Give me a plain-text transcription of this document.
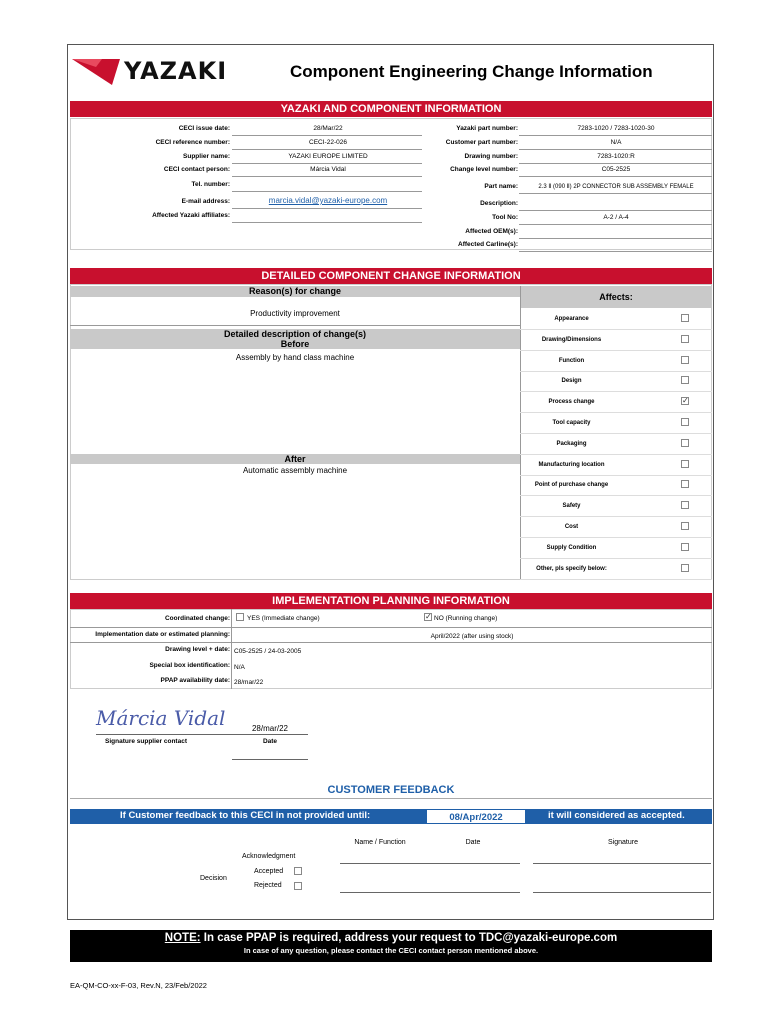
YAZAKI	Component Engineering Change Information
YAZAKI AND COMPONENT INFORMATION
CECI issue date:	28/Mar/22
CECI reference number:	CECI-22-026
Supplier name:	YAZAKI EUROPE LIMITED
CECI contact person:	Márcia Vidal
Tel. number:
E-mail address:	marcia.vidal@yazaki-europe.com
Affected Yazaki affiliates:
Yazaki part number:	7283-1020 / 7283-1020-30
Customer part number:	N/A
Drawing number:	7283-1020:R
Change level number:	C05-2525
Part name:	2.3 Ⅱ (090 Ⅱ) 2P CONNECTOR SUB ASSEMBLY FEMALE
Description:
Tool No:	A-2 / A-4
Affected OEM(s):
Affected Carline(s):
DETAILED COMPONENT CHANGE INFORMATION
Reason(s) for change
Productivity improvement
Detailed description of change(s)
Before
Assembly by hand class machine
After
Automatic assembly machine
Affects:
Appearance
Drawing/Dimensions
Function
Design
Process change	✓
Tool capacity
Packaging
Manufacturing location
Point of purchase change
Safety
Cost
Supply Condition
Other, pls specify below:
IMPLEMENTATION PLANNING INFORMATION
Coordinated change:	YES (Immediate change)	✓ NO (Running change)
Implementation date or estimated planning:	April/2022 (after using stock)
Drawing level + date: C05-2525 / 24-03-2005
Special box identification: N/A
PPAP availability date: 28/mar/22
Márcia Vidal	28/mar/22
Signature supplier contact	Date
CUSTOMER FEEDBACK
If Customer feedback to this CECI in not provided until:	08/Apr/2022	it will considered as accepted.
Name / Function	Date	Signature
Acknowledgment
Accepted
Decision
Rejected
NOTE: In case PPAP is required, address your request to TDC@yazaki-europe.com
In case of any question, please contact the CECI contact person mentioned above.
EA-QM-CO-xx-F-03, Rev.N, 23/Feb/2022
